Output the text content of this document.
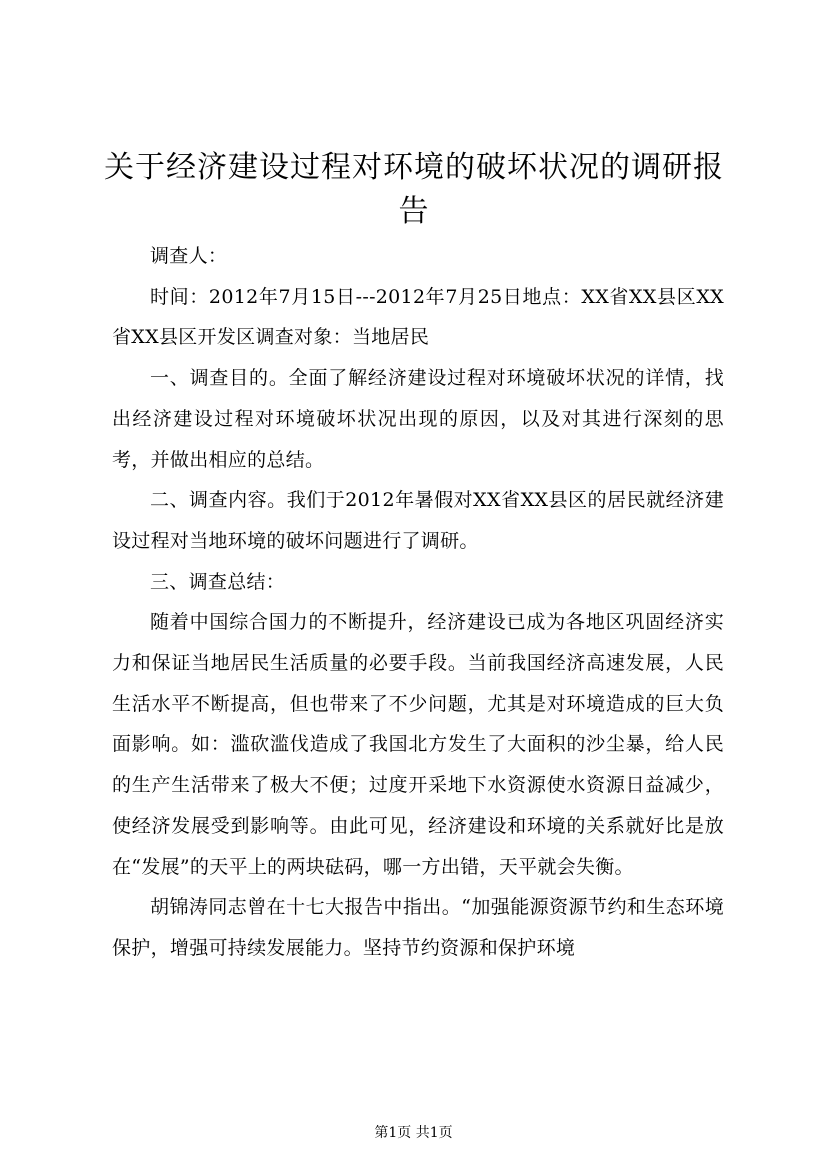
关于经济建设过程对环境的破坏状况的调研报告

调查人：

时间：2012年7月15日---2012年7月25日地点：XX省XX县区XX省XX县区开发区调查对象：当地居民

一、调查目的。全面了解经济建设过程对环境破坏状况的详情，找出经济建设过程对环境破坏状况出现的原因，以及对其进行深刻的思考，并做出相应的总结。

二、调查内容。我们于2012年暑假对XX省XX县区的居民就经济建设过程对当地环境的破坏问题进行了调研。

三、调查总结：

随着中国综合国力的不断提升，经济建设已成为各地区巩固经济实力和保证当地居民生活质量的必要手段。当前我国经济高速发展，人民生活水平不断提高，但也带来了不少问题，尤其是对环境造成的巨大负面影响。如：滥砍滥伐造成了我国北方发生了大面积的沙尘暴，给人民的生产生活带来了极大不便；过度开采地下水资源使水资源日益减少，使经济发展受到影响等。由此可见，经济建设和环境的关系就好比是放在“发展”的天平上的两块砝码，哪一方出错，天平就会失衡。

胡锦涛同志曾在十七大报告中指出。“加强能源资源节约和生态环境保护，增强可持续发展能力。坚持节约资源和保护环境

第1页 共1页
